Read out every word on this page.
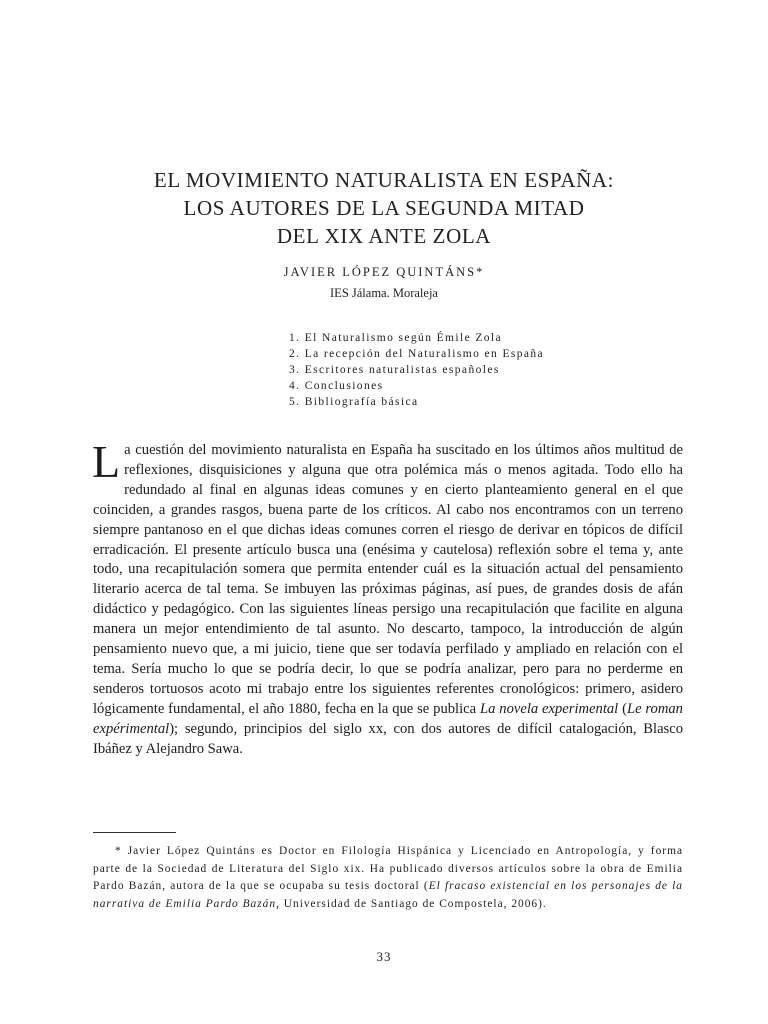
EL MOVIMIENTO NATURALISTA EN ESPAÑA:
LOS AUTORES DE LA SEGUNDA MITAD
DEL XIX ANTE ZOLA
JAVIER LÓPEZ QUINTÁNS*
IES Jálama. Moraleja
1. El Naturalismo según Émile Zola
2. La recepción del Naturalismo en España
3. Escritores naturalistas españoles
4. Conclusiones
5. Bibliografía básica
La cuestión del movimiento naturalista en España ha suscitado en los últimos años multitud de reflexiones, disquisiciones y alguna que otra polémica más o menos agitada. Todo ello ha redundado al final en algunas ideas comunes y en cierto planteamiento general en el que coinciden, a grandes rasgos, buena parte de los críticos. Al cabo nos encontramos con un terreno siempre pantanoso en el que dichas ideas comunes corren el riesgo de derivar en tópicos de difícil erradicación. El presente artículo busca una (enésima y cautelosa) reflexión sobre el tema y, ante todo, una recapitulación somera que permita entender cuál es la situación actual del pensamiento literario acerca de tal tema. Se imbuyen las próximas páginas, así pues, de grandes dosis de afán didáctico y pedagógico. Con las siguientes líneas persigo una recapitulación que facilite en alguna manera un mejor entendimiento de tal asunto. No descarto, tampoco, la introducción de algún pensamiento nuevo que, a mi juicio, tiene que ser todavía perfilado y ampliado en relación con el tema. Sería mucho lo que se podría decir, lo que se podría analizar, pero para no perderme en senderos tortuosos acoto mi trabajo entre los siguientes referentes cronológicos: primero, asidero lógicamente fundamental, el año 1880, fecha en la que se publica La novela experimental (Le roman expérimental); segundo, principios del siglo xx, con dos autores de difícil catalogación, Blasco Ibáñez y Alejandro Sawa.
* Javier López Quintáns es Doctor en Filología Hispánica y Licenciado en Antropología, y forma parte de la Sociedad de Literatura del Siglo xix. Ha publicado diversos artículos sobre la obra de Emilia Pardo Bazán, autora de la que se ocupaba su tesis doctoral (El fracaso existencial en los personajes de la narrativa de Emilia Pardo Bazán, Universidad de Santiago de Compostela, 2006).
33
